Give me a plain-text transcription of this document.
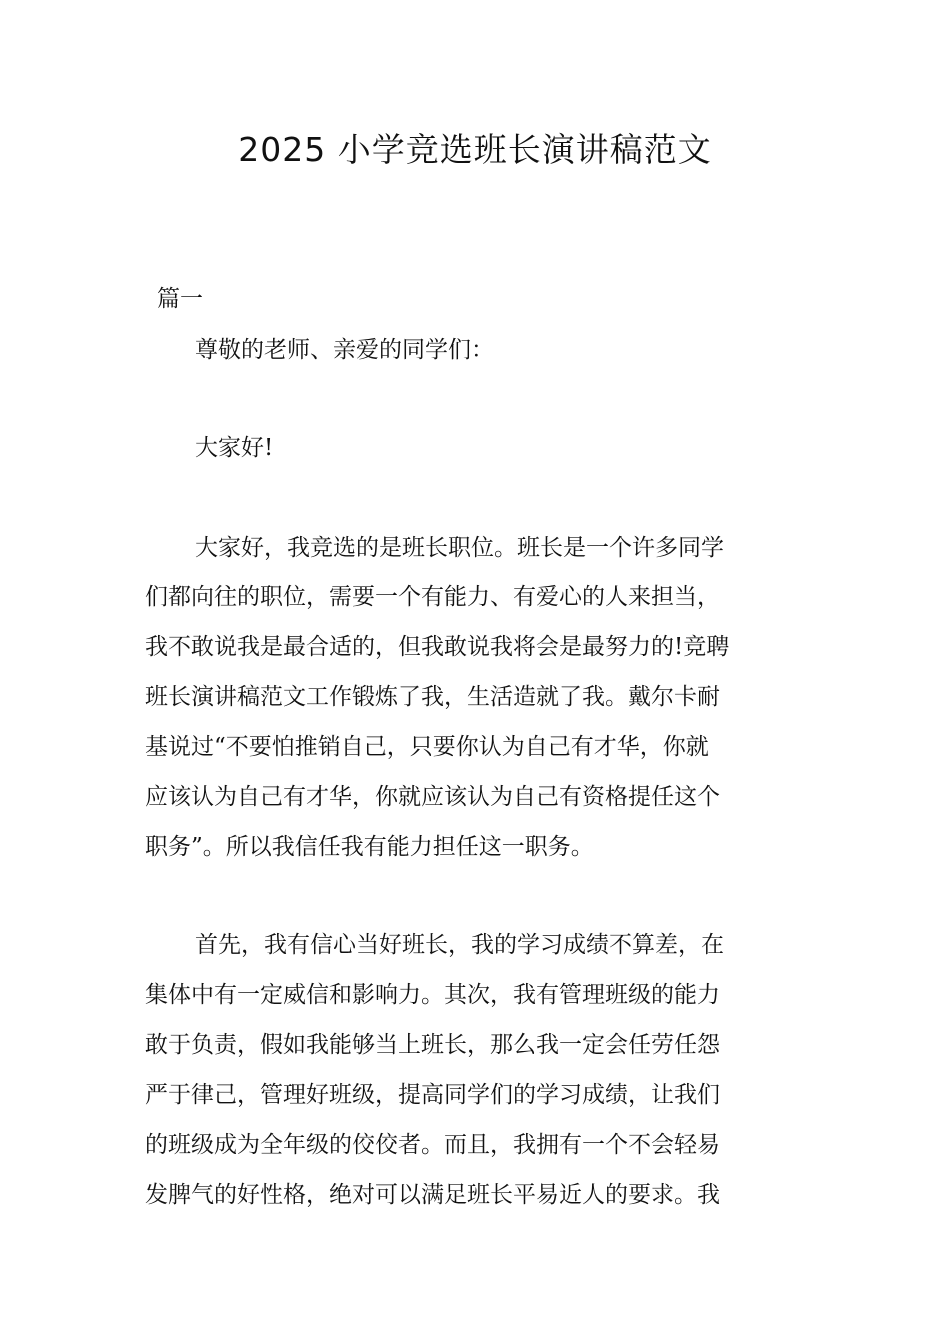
2025 小学竞选班长演讲稿范文
篇一
尊敬的老师、亲爱的同学们：
大家好!
大家好，我竞选的是班长职位。班长是一个许多同学
们都向往的职位，需要一个有能力、有爱心的人来担当，
我不敢说我是最合适的，但我敢说我将会是最努力的!竞聘
班长演讲稿范文工作锻炼了我，生活造就了我。戴尔卡耐
基说过“不要怕推销自己，只要你认为自己有才华，你就
应该认为自己有才华，你就应该认为自己有资格提任这个
职务”。所以我信任我有能力担任这一职务。
首先，我有信心当好班长，我的学习成绩不算差，在
集体中有一定威信和影响力。其次，我有管理班级的能力
敢于负责，假如我能够当上班长，那么我一定会任劳任怨
严于律己，管理好班级，提高同学们的学习成绩，让我们
的班级成为全年级的佼佼者。而且，我拥有一个不会轻易
发脾气的好性格，绝对可以满足班长平易近人的要求。我
